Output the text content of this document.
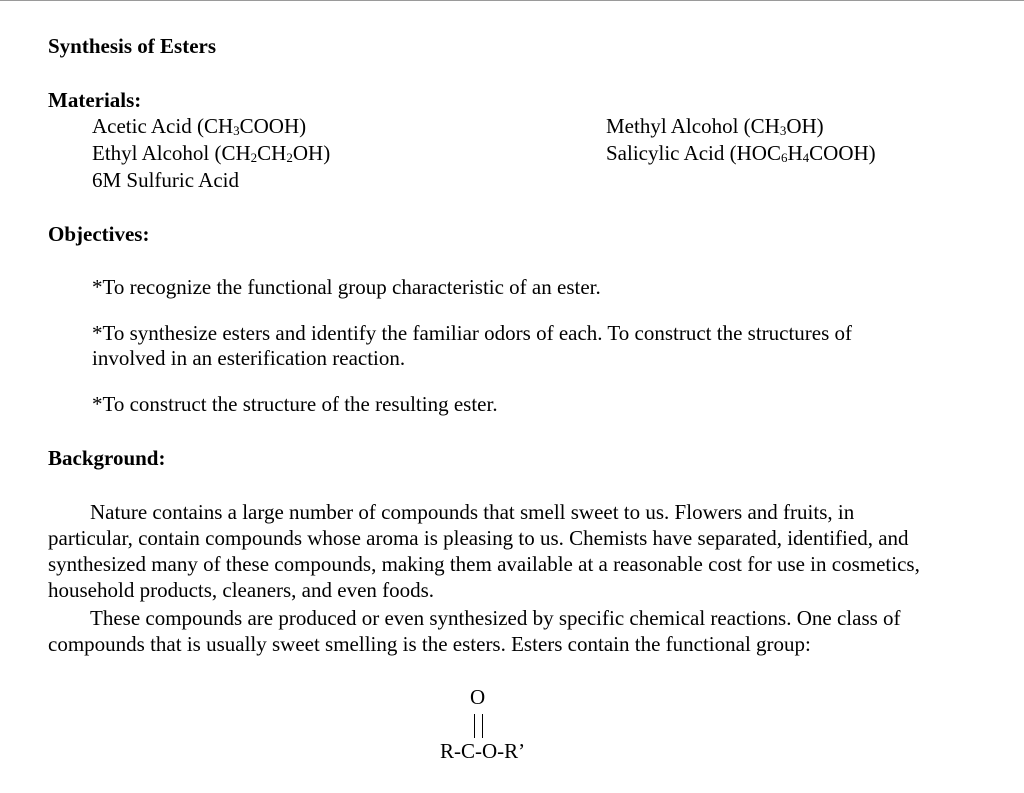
Synthesis of Esters
Materials:
Acetic Acid $(CH_3COOH)$
Ethyl Alcohol $(CH_2CH_2OH)$
6M Sulfuric Acid
Methyl Alcohol $(CH_3OH)$
Salicylic Acid $(HOC_6H_4COOH)$
Objectives:
*To recognize the functional group characteristic of an ester.
*To synthesize esters and identify the familiar odors of each. To construct the structures of
involved in an esterification reaction.
*To construct the structure of the resulting ester.
Background:
Nature contains a large number of compounds that smell sweet to us. Flowers and fruits, in
particular, contain compounds whose aroma is pleasing to us. Chemists have separated, identified, and
synthesized many of these compounds, making them available at a reasonable cost for use in cosmetics,
household products, cleaners, and even foods.
These compounds are produced or even synthesized by specific chemical reactions. One class of
compounds that is usually sweet smelling is the esters. Esters contain the functional group:
O
R-C-O-R’
